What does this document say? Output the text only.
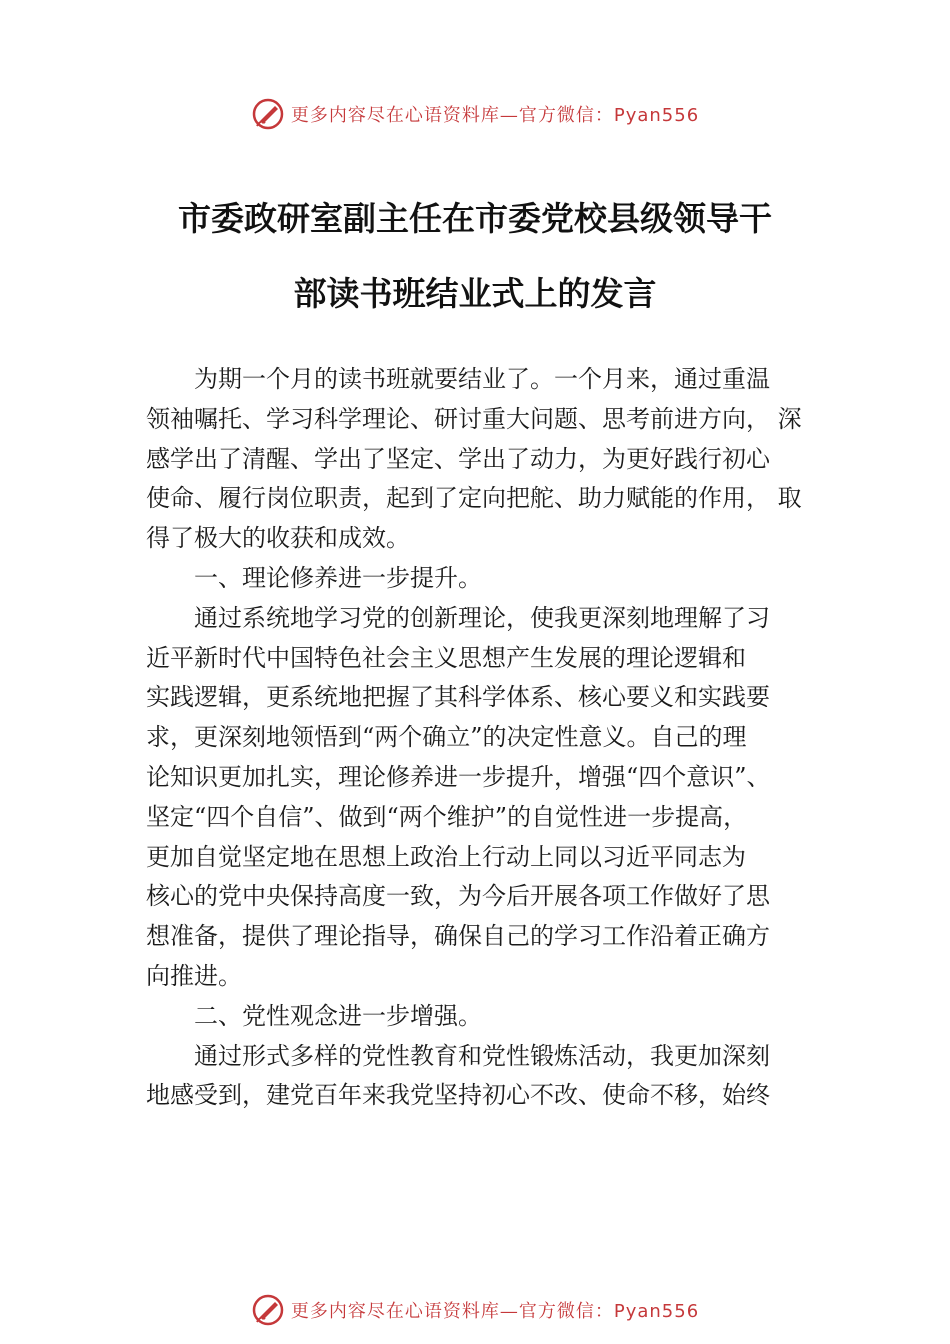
更多内容尽在心语资料库— 官方微信：Pyan556
市委政研室副主任在市委党校县级领导干
部读书班结业式上的发言
为期一个月的读书班就要结业了。一个月来，通过重温
领袖嘱托、学习科学理论、研讨重大问题、思考前进方向， 深
感学出了清醒、学出了坚定、学出了动力，为更好践行初心
使命、履行岗位职责，起到了定向把舵、助力赋能的作用， 取
得了极大的收获和成效。
一、理论修养进一步提升。
通过系统地学习党的创新理论，使我更深刻地理解了习
近平新时代中国特色社会主义思想产生发展的理论逻辑和
实践逻辑，更系统地把握了其科学体系、核心要义和实践要
求，更深刻地领悟到“两个确立”的决定性意义。自己的理
论知识更加扎实，理论修养进一步提升，增强“四个意识”、
坚定“四个自信”、做到“两个维护”的自觉性进一步提高，
更加自觉坚定地在思想上政治上行动上同以习近平同志为
核心的党中央保持高度一致，为今后开展各项工作做好了思
想准备，提供了理论指导，确保自己的学习工作沿着正确方
向推进。
二、党性观念进一步增强。
通过形式多样的党性教育和党性锻炼活动，我更加深刻
地感受到，建党百年来我党坚持初心不改、使命不移，始终
更多内容尽在心语资料库— 官方微信：Pyan556
